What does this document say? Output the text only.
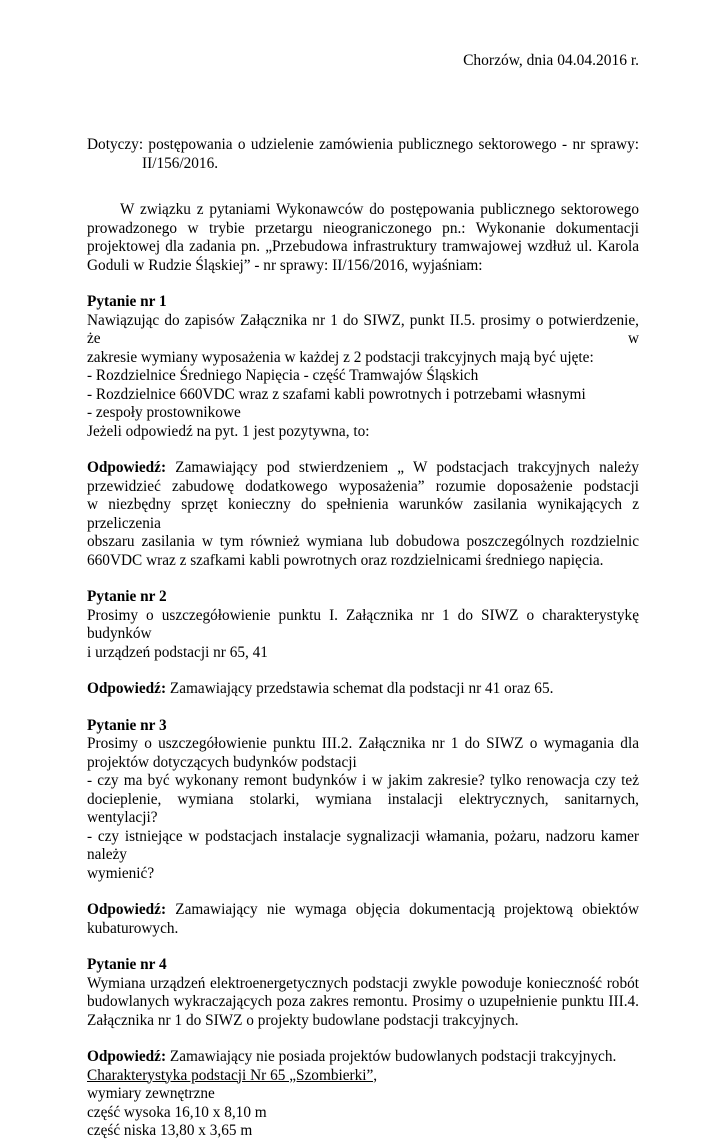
Chorzów, dnia 04.04.2016 r.

Dotyczy: postępowania o udzielenie zamówienia publicznego sektorowego - nr sprawy:

II/156/2016.

W związku z pytaniami Wykonawców do postępowania publicznego sektorowego

prowadzonego w trybie przetargu nieograniczonego pn.: Wykonanie dokumentacji

projektowej dla zadania pn. „Przebudowa infrastruktury tramwajowej wzdłuż ul. Karola

Goduli w Rudzie Śląskiej” - nr sprawy: II/156/2016, wyjaśniam:

Pytanie nr 1

Nawiązując do zapisów Załącznika nr 1 do SIWZ, punkt II.5. prosimy o potwierdzenie, że w

zakresie wymiany wyposażenia w każdej z 2 podstacji trakcyjnych mają być ujęte:

- Rozdzielnice Średniego Napięcia - część Tramwajów Śląskich

- Rozdzielnice 660VDC wraz z szafami kabli powrotnych i potrzebami własnymi

- zespoły prostownikowe

Jeżeli odpowiedź na pyt. 1 jest pozytywna, to:

Odpowiedź: Zamawiający pod stwierdzeniem „ W podstacjach trakcyjnych należy

przewidzieć zabudowę dodatkowego wyposażenia” rozumie doposażenie podstacji

w niezbędny sprzęt konieczny do spełnienia warunków zasilania wynikających z przeliczenia

obszaru zasilania w tym również wymiana lub dobudowa poszczególnych rozdzielnic

660VDC wraz z szafkami kabli powrotnych oraz rozdzielnicami średniego napięcia.

Pytanie nr 2

Prosimy o uszczegółowienie punktu I. Załącznika nr 1 do SIWZ o charakterystykę budynków

i urządzeń podstacji nr 65, 41

Odpowiedź: Zamawiający przedstawia schemat dla podstacji nr 41 oraz 65.

Pytanie nr 3

Prosimy o uszczegółowienie punktu III.2. Załącznika nr 1 do SIWZ o wymagania dla

projektów dotyczących budynków podstacji

- czy ma być wykonany remont budynków i w jakim zakresie? tylko renowacja czy też

docieplenie, wymiana stolarki, wymiana instalacji elektrycznych, sanitarnych, wentylacji?

- czy istniejące w podstacjach instalacje sygnalizacji włamania, pożaru, nadzoru kamer należy

wymienić?

Odpowiedź: Zamawiający nie wymaga objęcia dokumentacją projektową obiektów

kubaturowych.

Pytanie nr 4

Wymiana urządzeń elektroenergetycznych podstacji zwykle powoduje konieczność robót

budowlanych wykraczających poza zakres remontu. Prosimy o uzupełnienie punktu III.4.

Załącznika nr 1 do SIWZ o projekty budowlane podstacji trakcyjnych.

Odpowiedź: Zamawiający nie posiada projektów budowlanych podstacji trakcyjnych.

Charakterystyka podstacji Nr 65 „Szombierki”,

wymiary zewnętrzne

część wysoka 16,10 x 8,10 m

część niska 13,80 x 3,65 m
